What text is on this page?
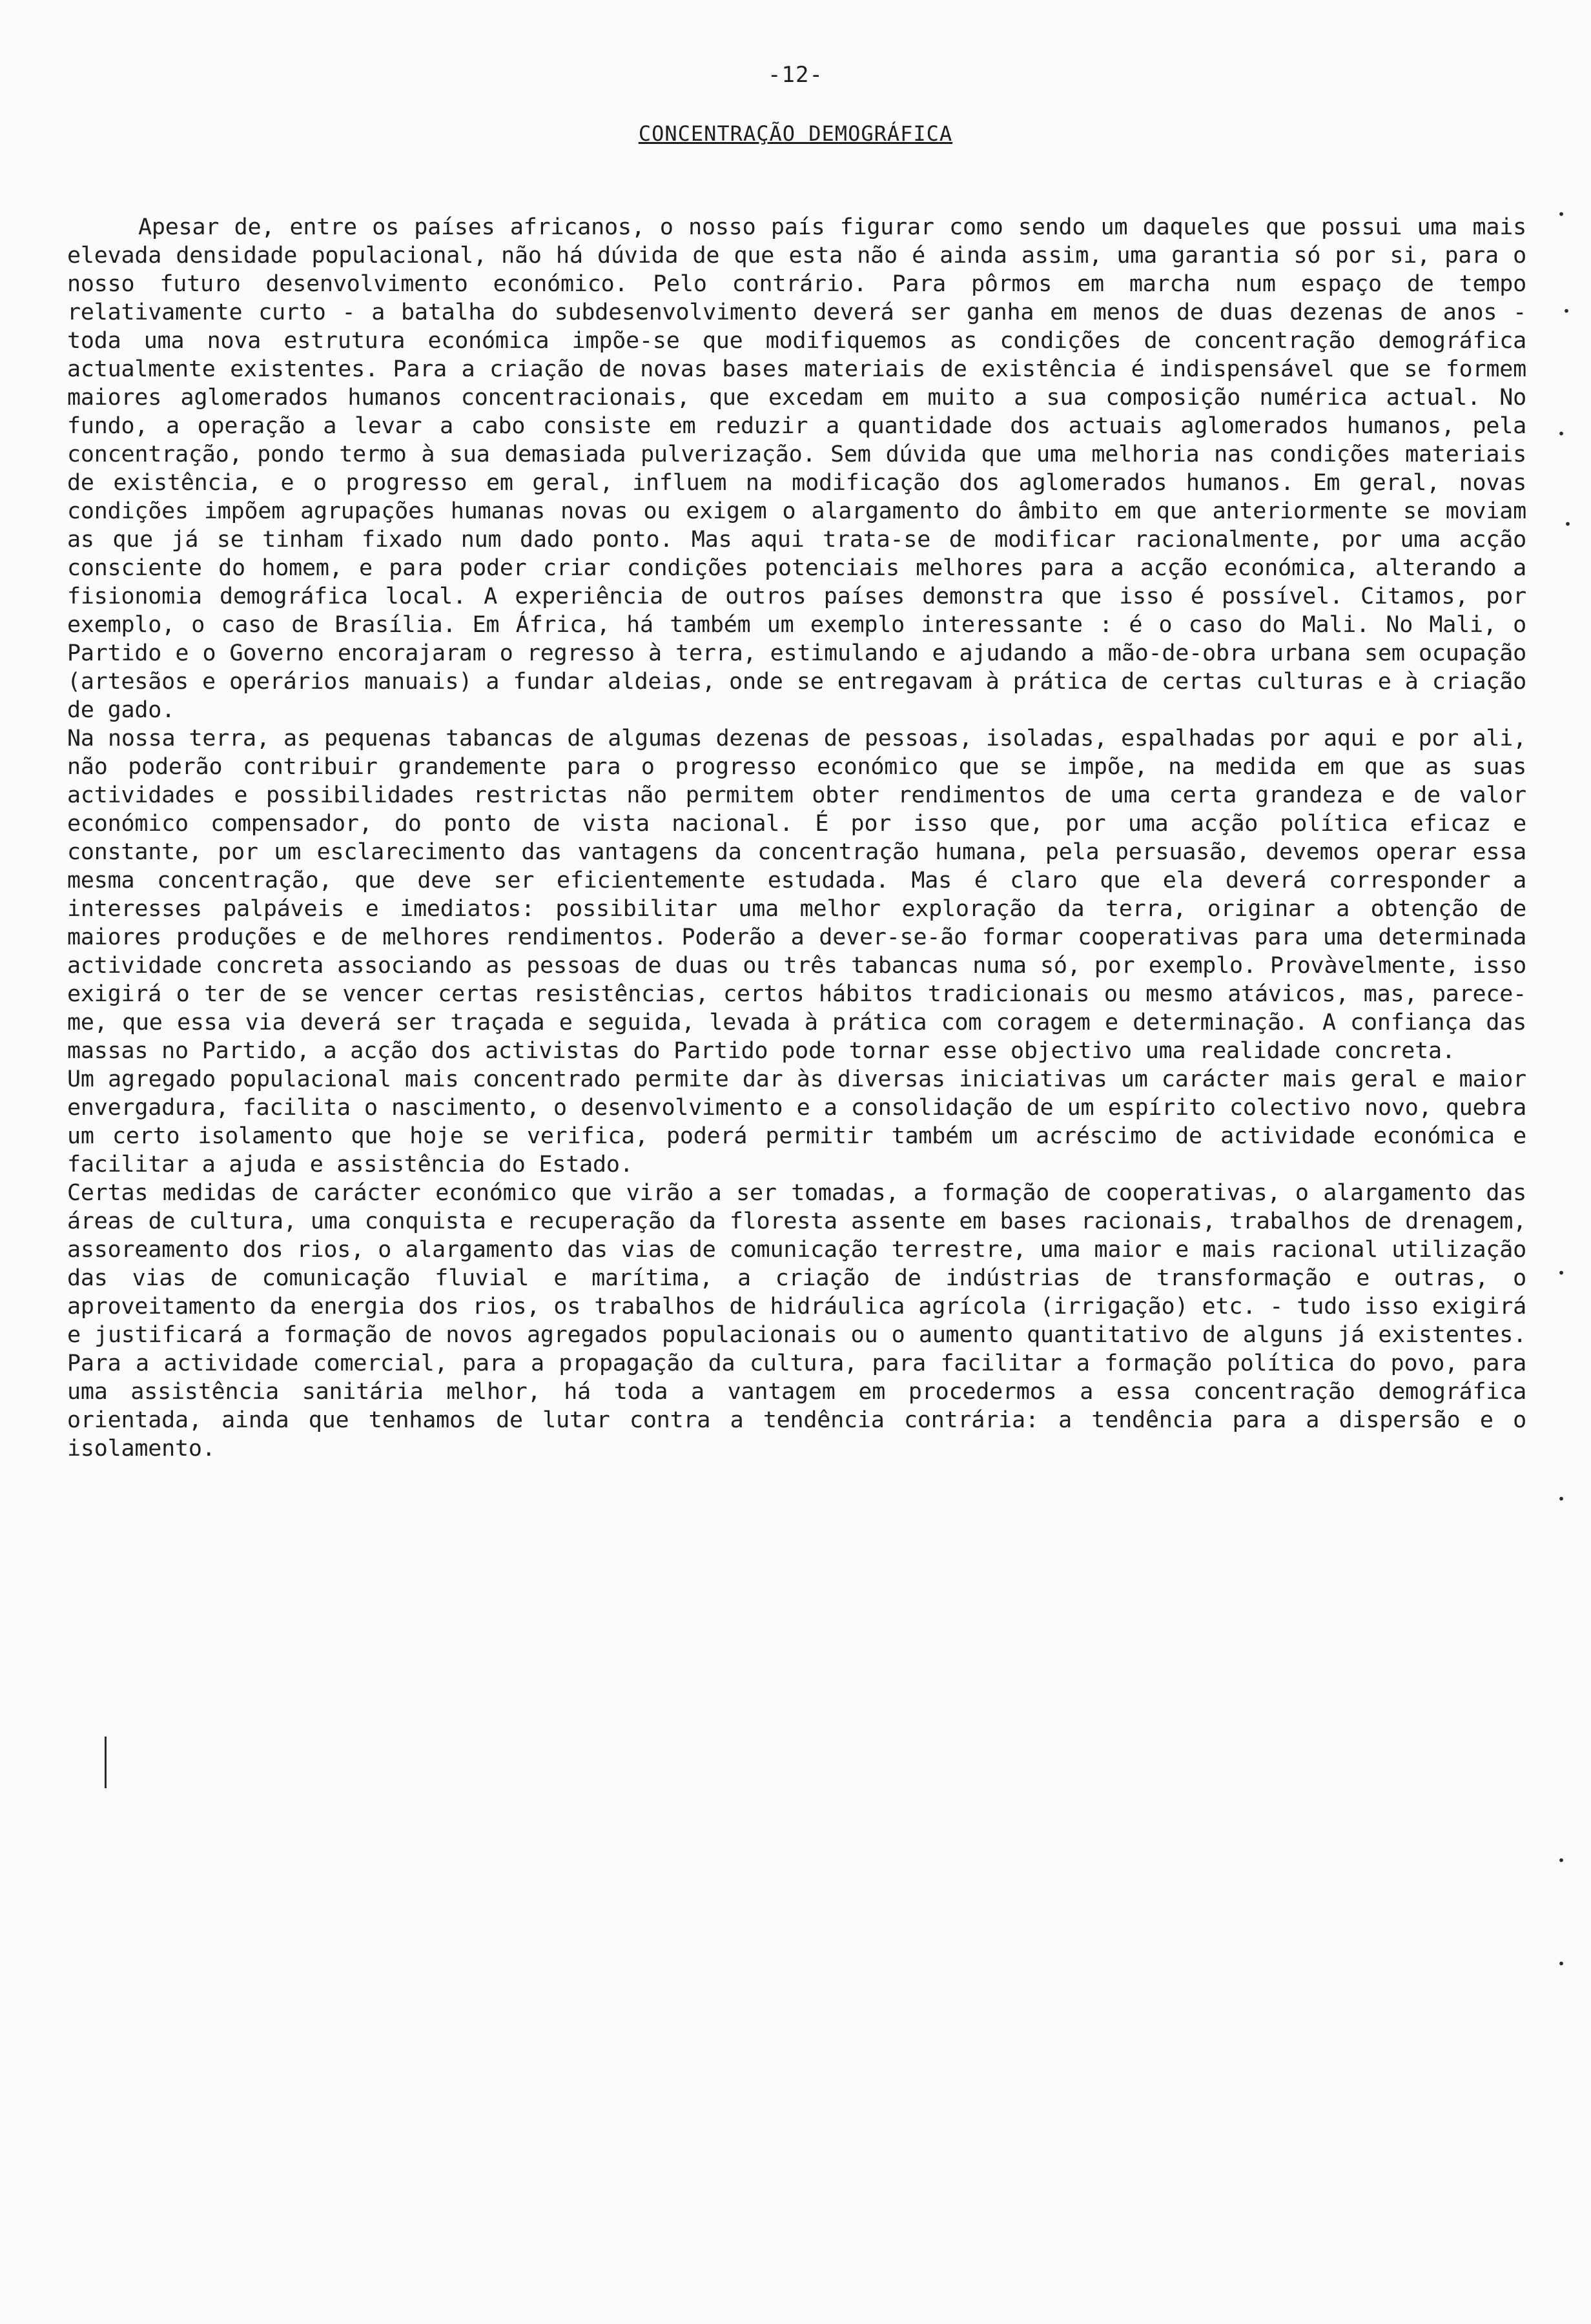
-12-
CONCENTRAÇÃO DEMOGRÁFICA

Apesar de, entre os países africanos, o nosso país figurar como sendo um daqueles que possui uma mais elevada densidade populacional, não há dúvida de que esta não é ainda assim, uma garantia só por si, para o nosso futuro desenvolvimento económico. Pelo contrário. Para pôrmos em marcha num espaço de tempo relativamente curto - a batalha do subdesenvolvimento deverá ser ganha em menos de duas dezenas de anos - toda uma nova estrutura económica impõe-se que modifiquemos as condições de concentração demográfica actualmente existentes. Para a criação de novas bases materiais de existência é indispensável que se formem maiores aglomerados humanos concentracionais, que excedam em muito a sua composição numérica actual. No fundo, a operação a levar a cabo consiste em reduzir a quantidade dos actuais aglomerados humanos, pela concentração, pondo termo à sua demasiada pulverização. Sem dúvida que uma melhoria nas condições materiais de existência, e o progresso em geral, influem na modificação dos aglomerados humanos. Em geral, novas condições impõem agrupações humanas novas ou exigem o alargamento do âmbito em que anteriormente se moviam as que já se tinham fixado num dado ponto. Mas aqui trata-se de modificar racionalmente, por uma acção consciente do homem, e para poder criar condições potenciais melhores para a acção económica, alterando a fisionomia demográfica local. A experiência de outros países demonstra que isso é possível. Citamos, por exemplo, o caso de Brasília. Em África, há também um exemplo interessante : é o caso do Mali. No Mali, o Partido e o Governo encorajaram o regresso à terra, estimulando e ajudando a mão-de-obra urbana sem ocupação (artesãos e operários manuais) a fundar aldeias, onde se entregavam à prática de certas culturas e à criação de gado.

Na nossa terra, as pequenas tabancas de algumas dezenas de pessoas, isoladas, espalhadas por aqui e por ali, não poderão contribuir grandemente para o progresso económico que se impõe, na medida em que as suas actividades e possibilidades restrictas não permitem obter rendimentos de uma certa grandeza e de valor económico compensador, do ponto de vista nacional. É por isso que, por uma acção política eficaz e constante, por um esclarecimento das vantagens da concentração humana, pela persuasão, devemos operar essa mesma concentração, que deve ser eficientemente estudada. Mas é claro que ela deverá corresponder a interesses palpáveis e imediatos: possibilitar uma melhor exploração da terra, originar a obtenção de maiores produções e de melhores rendimentos. Poderão a dever-se-ão formar cooperativas para uma determinada actividade concreta associando as pessoas de duas ou três tabancas numa só, por exemplo. Provàvelmente, isso exigirá o ter de se vencer certas resistências, certos hábitos tradicionais ou mesmo atávicos, mas, parece-me, que essa via deverá ser traçada e seguida, levada à prática com coragem e determinação. A confiança das massas no Partido, a acção dos activistas do Partido pode tornar esse objectivo uma realidade concreta.

Um agregado populacional mais concentrado permite dar às diversas iniciativas um carácter mais geral e maior envergadura, facilita o nascimento, o desenvolvimento e a consolidação de um espírito colectivo novo, quebra um certo isolamento que hoje se verifica, poderá permitir também um acréscimo de actividade económica e facilitar a ajuda e assistência do Estado.

Certas medidas de carácter económico que virão a ser tomadas, a formação de cooperativas, o alargamento das áreas de cultura, uma conquista e recuperação da floresta assente em bases racionais, trabalhos de drenagem, assoreamento dos rios, o alargamento das vias de comunicação terrestre, uma maior e mais racional utilização das vias de comunicação fluvial e marítima, a criação de indústrias de transformação e outras, o aproveitamento da energia dos rios, os trabalhos de hidráulica agrícola (irrigação) etc. - tudo isso exigirá e justificará a formação de novos agregados populacionais ou o aumento quantitativo de alguns já existentes. Para a actividade comercial, para a propagação da cultura, para facilitar a formação política do povo, para uma assistência sanitária melhor, há toda a vantagem em procedermos a essa concentração demográfica orientada, ainda que tenhamos de lutar contra a tendência contrária: a tendência para a dispersão e o isolamento.

•
•
•
•
•
•
•
•
